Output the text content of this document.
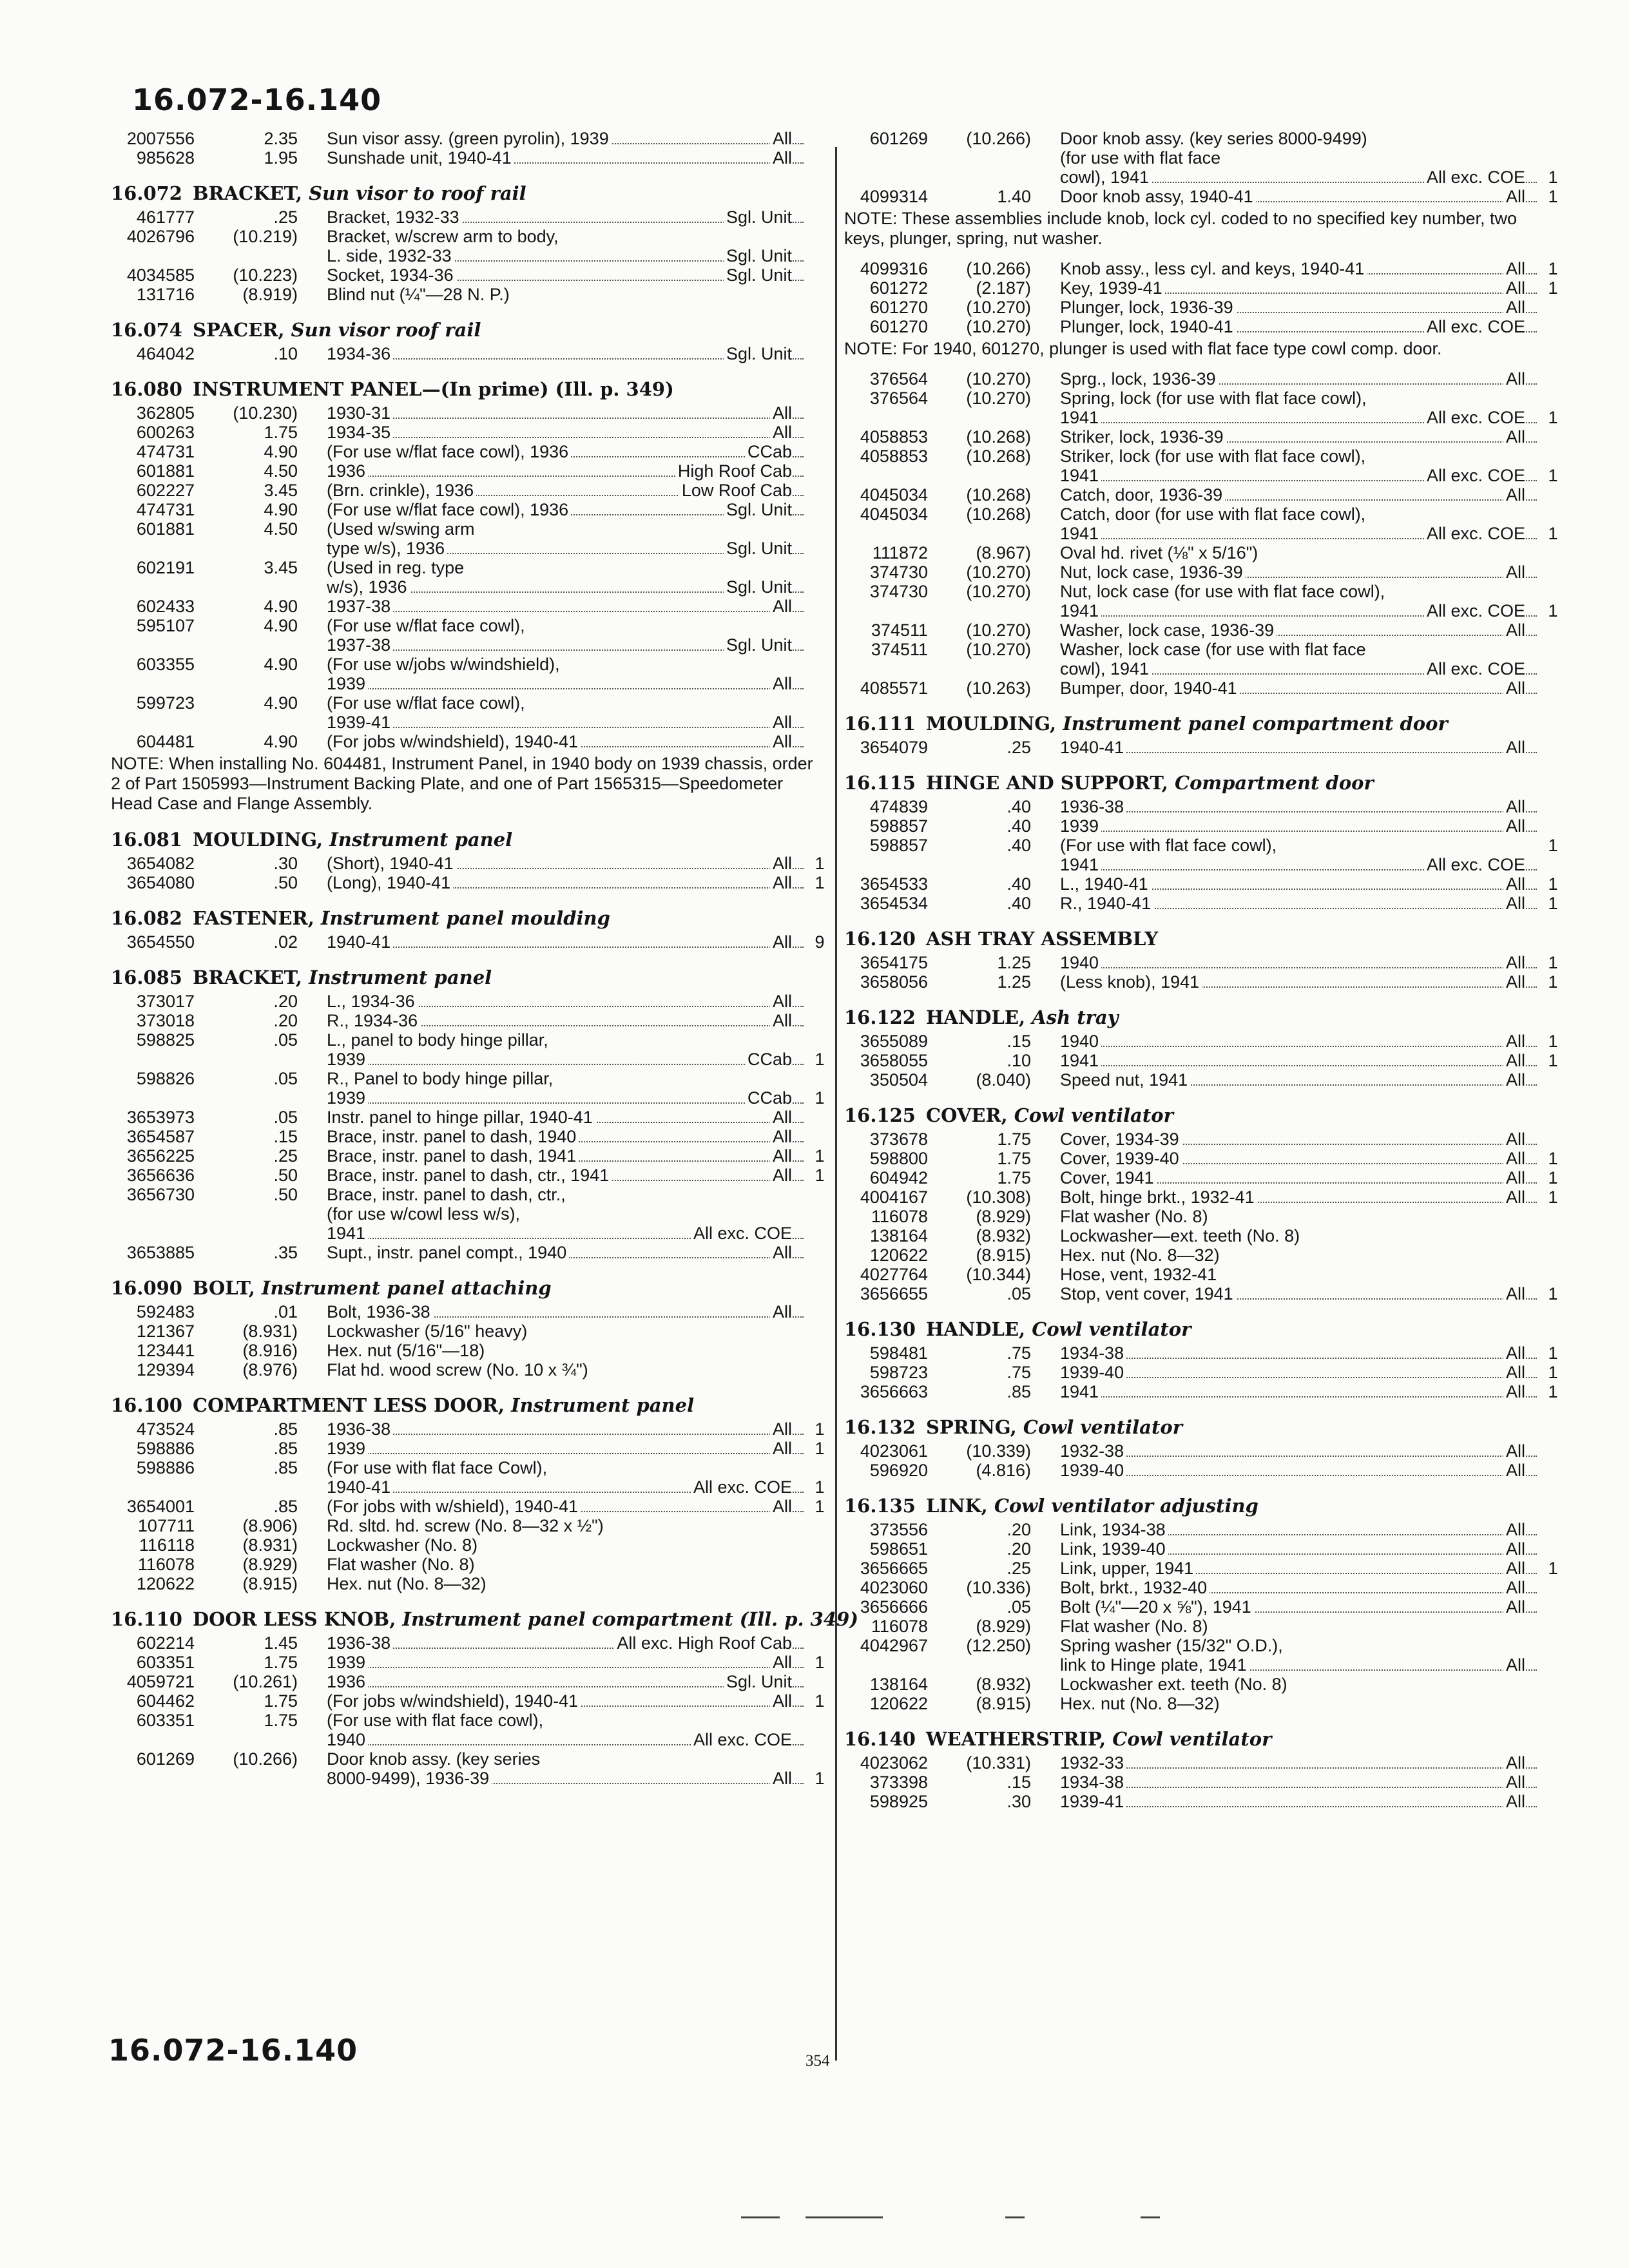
16.072-16.140
16.072-16.140	354
2007556	2.35 Sun visor assy. (green pyrolin), 1939	All
985628	1.95 Sunshade unit, 1940-41	All
16.072 BRACKET, Sun visor to roof rail
461777	.25 Bracket, 1932-33	Sgl. Unit
4026796	(10.219) Bracket, w/screw arm to body,
L. side, 1932-33	Sgl. Unit
4034585	(10.223) Socket, 1934-36	Sgl. Unit
131716	(8.919) Blind nut (¼"—28 N. P.)
16.074 SPACER, Sun visor roof rail
464042	.10 1934-36	Sgl. Unit
16.080 INSTRUMENT PANEL—(In prime) (Ill. p. 349)
362805	(10.230) 1930-31	All
600263	1.75 1934-35	All
474731	4.90 (For use w/flat face cowl), 1936	CCab
601881	4.50 1936	High Roof Cab
602227	3.45 (Brn. crinkle), 1936	Low Roof Cab
474731	4.90 (For use w/flat face cowl), 1936	Sgl. Unit
601881	4.50 (Used w/swing arm
type w/s), 1936	Sgl. Unit
602191	3.45 (Used in reg. type
w/s), 1936	Sgl. Unit
602433	4.90 1937-38	All
595107	4.90 (For use w/flat face cowl),
1937-38	Sgl. Unit
603355	4.90 (For use w/jobs w/windshield),
1939	All
599723	4.90 (For use w/flat face cowl),
1939-41	All
604481	4.90 (For jobs w/windshield), 1940-41	All
NOTE: When installing No. 604481, Instrument Panel, in 1940 body on 1939 chassis, order 2 of Part 1505993—Instrument Backing Plate, and one of Part 1565315—Speedometer Head Case and Flange Assembly.
16.081 MOULDING, Instrument panel
3654082	.30 (Short), 1940-41	All 1
3654080	.50 (Long), 1940-41	All 1
16.082 FASTENER, Instrument panel moulding
3654550	.02 1940-41	All 9
16.085 BRACKET, Instrument panel
373017	.20 L., 1934-36	All
373018	.20 R., 1934-36	All
598825	.05 L., panel to body hinge pillar,
1939	CCab 1
598826	.05 R., Panel to body hinge pillar,
1939	CCab 1
3653973	.05 Instr. panel to hinge pillar, 1940-41	All
3654587	.15 Brace, instr. panel to dash, 1940	All
3656225	.25 Brace, instr. panel to dash, 1941	All 1
3656636	.50 Brace, instr. panel to dash, ctr., 1941	All 1
3656730	.50 Brace, instr. panel to dash, ctr.,
(for use w/cowl less w/s),
1941	All exc. COE
3653885	.35 Supt., instr. panel compt., 1940	All
16.090 BOLT, Instrument panel attaching
592483	.01 Bolt, 1936-38	All
121367	(8.931) Lockwasher (5/16" heavy)
123441	(8.916) Hex. nut (5/16"—18)
129394	(8.976) Flat hd. wood screw (No. 10 x ¾")
16.100 COMPARTMENT LESS DOOR, Instrument panel
473524	.85 1936-38	All 1
598886	.85 1939	All 1
598886	.85 (For use with flat face Cowl),
1940-41	All exc. COE 1
3654001	.85 (For jobs with w/shield), 1940-41	All 1
107711	(8.906) Rd. sltd. hd. screw (No. 8—32 x ½")
116118	(8.931) Lockwasher (No. 8)
116078	(8.929) Flat washer (No. 8)
120622	(8.915) Hex. nut (No. 8—32)
16.110 DOOR LESS KNOB, Instrument panel compartment (Ill. p. 349)
602214	1.45 1936-38	All exc. High Roof Cab
603351	1.75 1939	All 1
4059721	(10.261) 1936	Sgl. Unit
604462	1.75 (For jobs w/windshield), 1940-41	All 1
603351	1.75 (For use with flat face cowl),
1940	All exc. COE
601269	(10.266) Door knob assy. (key series
8000-9499), 1936-39	All 1
601269	(10.266) Door knob assy. (key series 8000-9499)
(for use with flat face
cowl), 1941	All exc. COE 1
4099314	1.40 Door knob assy, 1940-41	All 1
NOTE: These assemblies include knob, lock cyl. coded to no specified key number, two keys, plunger, spring, nut washer.
4099316	(10.266) Knob assy., less cyl. and keys, 1940-41	All 1
601272	(2.187) Key, 1939-41	All 1
601270	(10.270) Plunger, lock, 1936-39	All
601270	(10.270) Plunger, lock, 1940-41	All exc. COE
NOTE: For 1940, 601270, plunger is used with flat face type cowl comp. door.
376564	(10.270) Sprg., lock, 1936-39	All
376564	(10.270) Spring, lock (for use with flat face cowl),
1941	All exc. COE 1
4058853	(10.268) Striker, lock, 1936-39	All
4058853	(10.268) Striker, lock (for use with flat face cowl),
1941	All exc. COE 1
4045034	(10.268) Catch, door, 1936-39	All
4045034	(10.268) Catch, door (for use with flat face cowl),
1941	All exc. COE 1
111872	(8.967) Oval hd. rivet (⅛" x 5/16")
374730	(10.270) Nut, lock case, 1936-39	All
374730	(10.270) Nut, lock case (for use with flat face cowl),
1941	All exc. COE 1
374511	(10.270) Washer, lock case, 1936-39	All
374511	(10.270) Washer, lock case (for use with flat face
cowl), 1941	All exc. COE
4085571	(10.263) Bumper, door, 1940-41	All
16.111 MOULDING, Instrument panel compartment door
3654079	.25 1940-41	All
16.115 HINGE AND SUPPORT, Compartment door
474839	.40 1936-38	All
598857	.40 1939	All
598857	.40 (For use with flat face cowl),	1
1941	All exc. COE
3654533	.40 L., 1940-41	All 1
3654534	.40 R., 1940-41	All 1
16.120 ASH TRAY ASSEMBLY
3654175	1.25 1940	All 1
3658056	1.25 (Less knob), 1941	All 1
16.122 HANDLE, Ash tray
3655089	.15 1940	All 1
3658055	.10 1941	All 1
350504	(8.040) Speed nut, 1941	All
16.125 COVER, Cowl ventilator
373678	1.75 Cover, 1934-39	All
598800	1.75 Cover, 1939-40	All 1
604942	1.75 Cover, 1941	All 1
4004167	(10.308) Bolt, hinge brkt., 1932-41	All 1
116078	(8.929) Flat washer (No. 8)
138164	(8.932) Lockwasher—ext. teeth (No. 8)
120622	(8.915) Hex. nut (No. 8—32)
4027764	(10.344) Hose, vent, 1932-41
3656655	.05 Stop, vent cover, 1941	All 1
16.130 HANDLE, Cowl ventilator
598481	.75 1934-38	All 1
598723	.75 1939-40	All 1
3656663	.85 1941	All 1
16.132 SPRING, Cowl ventilator
4023061	(10.339) 1932-38	All
596920	(4.816) 1939-40	All
16.135 LINK, Cowl ventilator adjusting
373556	.20 Link, 1934-38	All
598651	.20 Link, 1939-40	All
3656665	.25 Link, upper, 1941	All 1
4023060	(10.336) Bolt, brkt., 1932-40	All
3656666	.05 Bolt (¼"—20 x ⅝"), 1941	All
116078	(8.929) Flat washer (No. 8)
4042967	(12.250) Spring washer (15/32" O.D.),
link to Hinge plate, 1941	All
138164	(8.932) Lockwasher ext. teeth (No. 8)
120622	(8.915) Hex. nut (No. 8—32)
16.140 WEATHERSTRIP, Cowl ventilator
4023062	(10.331) 1932-33	All
373398	.15 1934-38	All
598925	.30 1939-41	All
